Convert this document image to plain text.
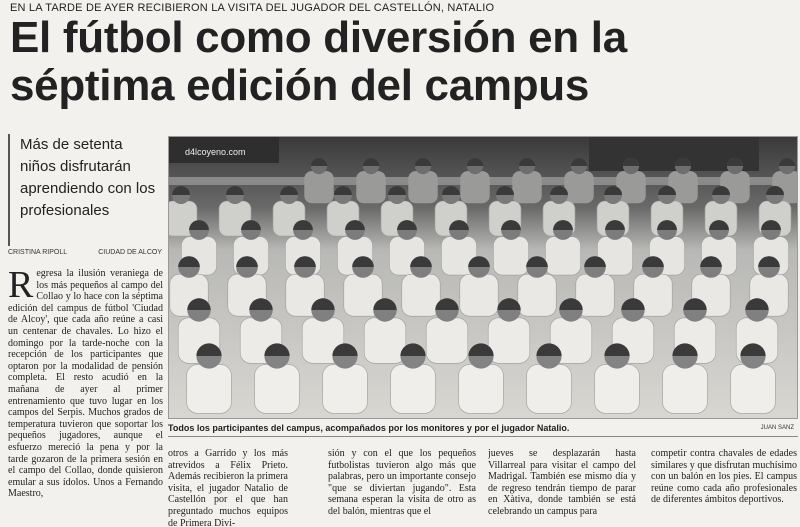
EN LA TARDE DE AYER RECIBIERON LA VISITA DEL JUGADOR DEL CASTELLÓN, NATALIO
El fútbol como diversión en la
séptima edición del campus
Más de setenta niños disfrutarán aprendiendo con los profesionales
CRISTINA RIPOLL	CIUDAD DE ALCOY
Regresa la ilusión veraniega de los más pequeños al campo del Collao y lo hace con la séptima edición del campus de fútbol 'Ciudad de Alcoy', que cada año reúne a casi un centenar de chavales. Lo hizo el domingo por la tarde-noche con la recepción de los participantes que optaron por la modalidad de pensión completa. El resto acudió en la mañana de ayer al primer entrenamiento que tuvo lugar en los campos del Serpis. Muchos grados de temperatura tuvieron que soportar los pequeños jugadores, aunque el esfuerzo mereció la pena y por la tarde gozaron de la primera sesión en el campo del Collao, donde quisieron emular a sus ídolos. Unos a Fernando Maestro,
d4lcoyeno.com
Todos los participantes del campus, acompañados por los monitores y por el jugador Natalio.	JUAN SANZ
otros a Garrido y los más atrevidos a Félix Prieto. Además recibieron la primera visita, el jugador Natalio de Castellón por el que han preguntado muchos equipos de Primera Divi-
sión y con el que los pequeños futbolistas tuvieron algo más que palabras, pero un importante consejo "que se diviertan jugando". Esta semana esperan la visita de otro as del balón, mientras que el
jueves se desplazarán hasta Villarreal para visitar el campo del Madrigal. También ese mismo día y de regreso tendrán tiempo de parar en Xàtiva, donde también se está celebrando un campus para
competir contra chavales de edades similares y que disfrutan muchísimo con un balón en los pies. El campus reúne como cada año profesionales de diferentes ámbitos deportivos.
